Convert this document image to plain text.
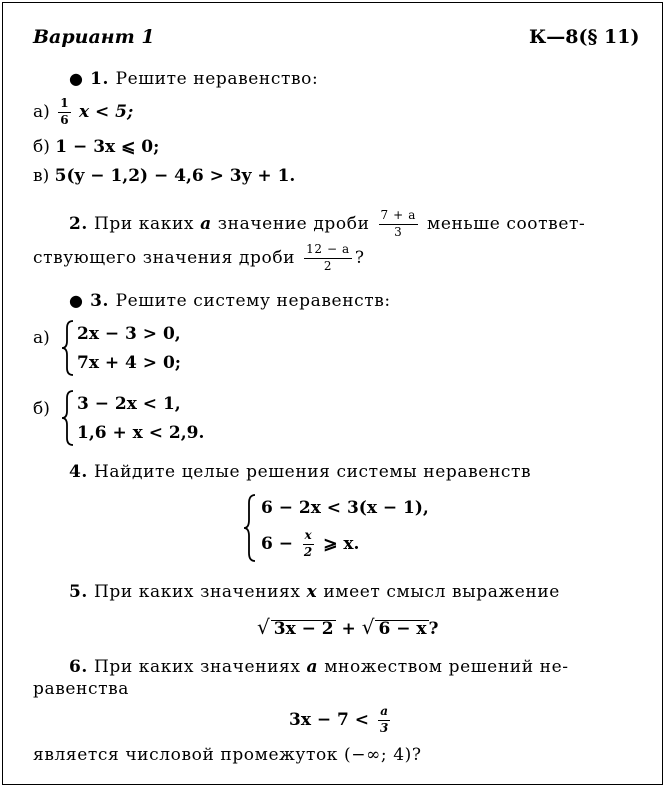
Вариант 1	К—8(§ 11)
● 1. Решите неравенство:
$а) \frac{1}{6}$ x < 5;
б) 1 − 3x ⩽ 0;
в) 5(y − 1,2) − 4,6 > 3y + 1.
2. При каких a значение дроби $\frac{7 + a}{3}$ меньше соответ-
ствующего значения дроби $\frac{12 - a}{2}$ ?
● 3. Решите систему неравенств:
а) 2x − 3 > 0,
7x + 4 > 0;
б) 3 − 2x < 1,
1,6 + x < 2,9.
4. Найдите целые решения системы неравенств
6 − 2x < 3(x − 1),
$6 - \frac{x}{2}$ ⩾ x.
5. При каких значениях x имеет смысл выражение
√ 3x − 2 + √ 6 − x ?
6. При каких значениях a множеством решений не-
равенства
$3x - 7 < \frac{a}{3}$
является числовой промежуток (−∞; 4)?
